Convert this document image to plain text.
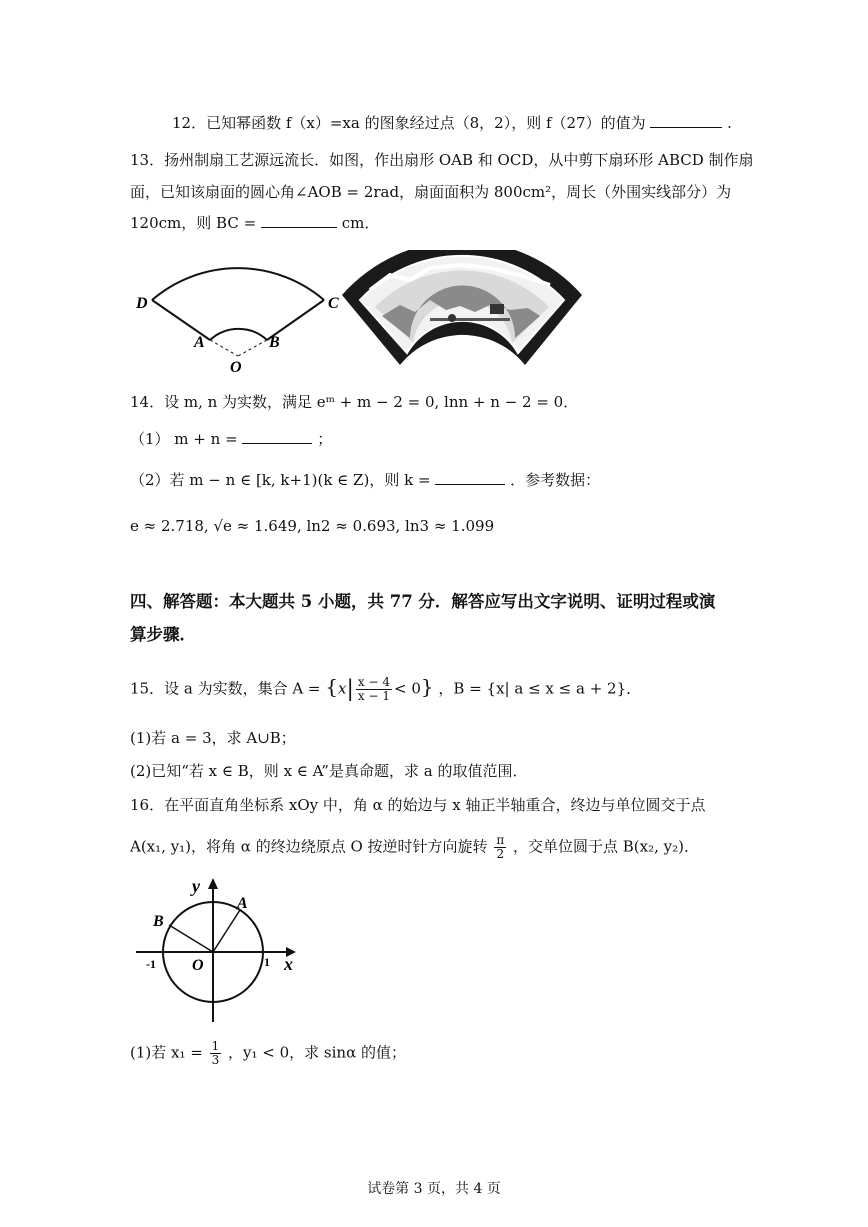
12．已知幂函数 f（x）=xa 的图象经过点（8，2），则 f（27）的值为	.
13．扬州制扇工艺源远流长．如图，作出扇形 OAB 和 OCD，从中剪下扇环形 ABCD 制作扇
面，已知该扇面的圆心角∠AOB = 2rad，扇面面积为 800cm²，周长（外围实线部分）为
120cm，则 BC =	cm．
D	C
A	B
O
14．设 m, n 为实数，满足 eᵐ + m − 2 = 0, lnn + n − 2 = 0．
（1） m + n =	；
（2）若 m − n ∈ [k, k+1)(k ∈ Z)，则 k =	．参考数据：
e ≈ 2.718, √e ≈ 1.649, ln2 ≈ 0.693, ln3 ≈ 1.099
四、解答题：本大题共 5 小题，共 77 分．解答应写出文字说明、证明过程或演
算步骤．
15．设 a 为实数，集合 $A = \{x| \frac{x - 4}{x - 1} < 0\}$ ，B = {x| a ≤ x ≤ a + 2}．
(1)若 a = 3，求 A∪B；
(2)已知“若 x ∈ B，则 x ∈ A”是真命题，求 a 的取值范围．
16．在平面直角坐标系 xOy 中，角 α 的始边与 x 轴正半轴重合，终边与单位圆交于点
A(x₁, y₁)，将角 α 的终边绕原点 O 按逆时针方向旋转 $\frac{\pi}{2}$ ，交单位圆于点 B(x₂, y₂)．
y
x
A
B
O
-1	1
(1)若 $x_1 = \frac{1}{3}$ ，y₁ < 0，求 sinα 的值；
试卷第 3 页，共 4 页
